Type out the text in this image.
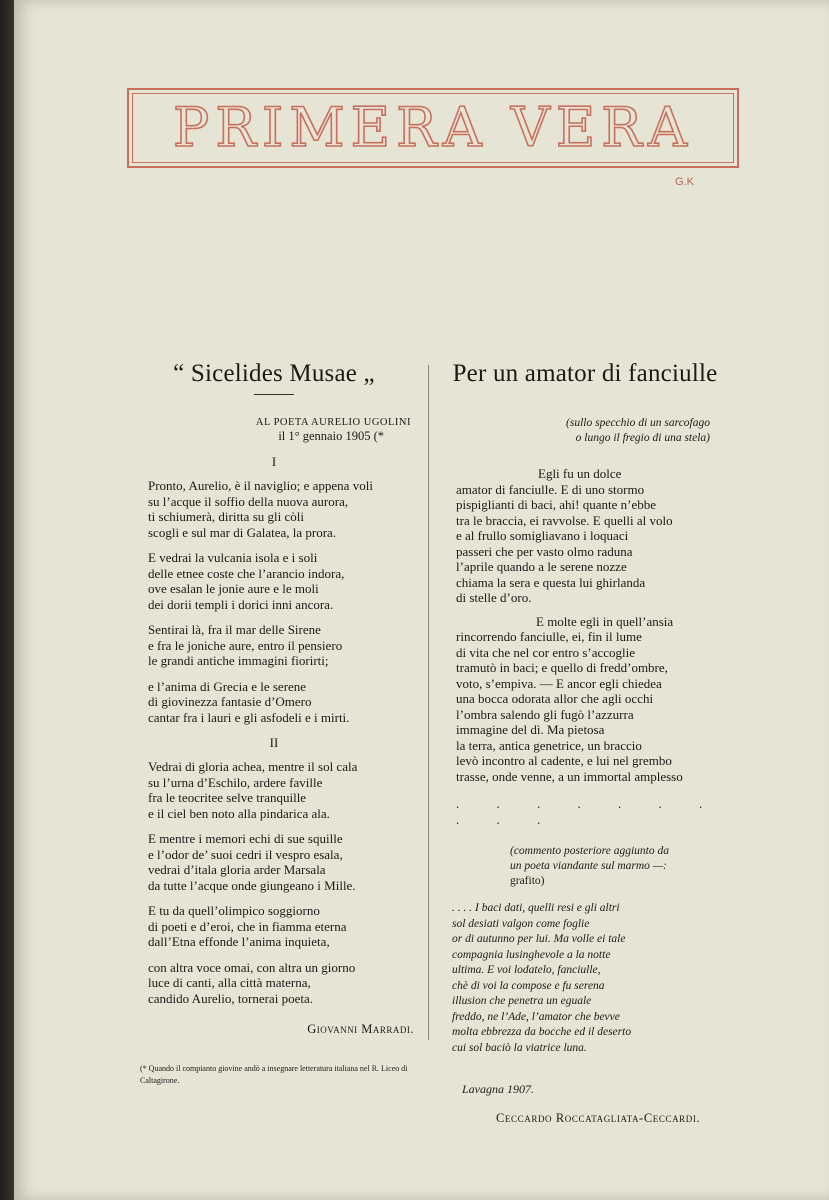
PRIMERA VERA
G.K
“ Sicelides Musae „
AL POETA AURELIO UGOLINI
il 1° gennaio 1905 (*
I

Pronto, Aurelio, è il naviglio; e appena voli

su l’acque il soffio della nuova aurora,

ti schiumerà, diritta su gli còli

scogli e sul mar di Galatea, la prora.

E vedrai la vulcania isola e i soli

delle etnee coste che l’arancio indora,

ove esalan le jonie aure e le moli

dei dorii templi i dorici inni ancora.

Sentirai là, fra il mar delle Sirene

e fra le joniche aure, entro il pensiero

le grandi antiche immagini fiorirti;

e l’anima di Grecia e le serene

di giovinezza fantasie d’Omero

cantar fra i lauri e gli asfodeli e i mirti.

II

Vedrai di gloria achea, mentre il sol cala

su l’urna d’Eschilo, ardere faville

fra le teocritee selve tranquille

e il ciel ben noto alla pindarica ala.

E mentre i memori echi di sue squille

e l’odor de’ suoi cedri il vespro esala,

vedrai d’itala gloria arder Marsala

da tutte l’acque onde giungeano i Mille.

E tu da quell’olimpico soggiorno

di poeti e d’eroi, che in fiamma eterna

dall’Etna effonde l’anima inquieta,

con altra voce omai, con altra un giorno

luce di canti, alla città materna,

candido Aurelio, tornerai poeta.

Giovanni Marradi.
(* Quando il compianto giovine andò a insegnare letteratura italiana nel R. Liceo di Caltagirone.
Per un amator di fanciulle
(sullo specchio di un sarcofago
o lungo il fregio di una stela)

Egli fu un dolce

amator di fanciulle. E di uno stormo

pispiglianti di baci, ahi! quante n’ebbe

tra le braccia, ei ravvolse. E quelli al volo

e al frullo somigliavano i loquaci

passeri che per vasto olmo raduna

l’aprile quando a le serene nozze

chiama la sera e questa lui ghirlanda

di stelle d’oro.

E molte egli in quell’ansia

rincorrendo fanciulle, ei, fin il lume

di vita che nel cor entro s’accoglie

tramutò in baci; e quello di fredd’ombre,

voto, s’empiva. — E ancor egli chiedea

una bocca odorata allor che agli occhi

l’ombra salendo gli fugò l’azzurra

immagine del dì. Ma pietosa

la terra, antica genetrice, un braccio

levò incontro al cadente, e lui nel grembo

trasse, onde venne, a un immortal amplesso

. . . . . . . . . .
(commento posteriore aggiunto da
un poeta viandante sul marmo —:
grafito)

. . . . I baci dati, quelli resi e gli altri

sol desiati valgon come foglie

or di autunno per lui. Ma volle ei tale

compagnia lusinghevole a la notte

ultima. E voi lodatelo, fanciulle,

chè di voi la compose e fu serena

illusion che penetra un eguale

freddo, ne l’Ade, l’amator che bevve

molta ebbrezza da bocche ed il deserto

cui sol baciò la viatrice luna.

Lavagna 1907.
Ceccardo Roccatagliata-Ceccardi.
